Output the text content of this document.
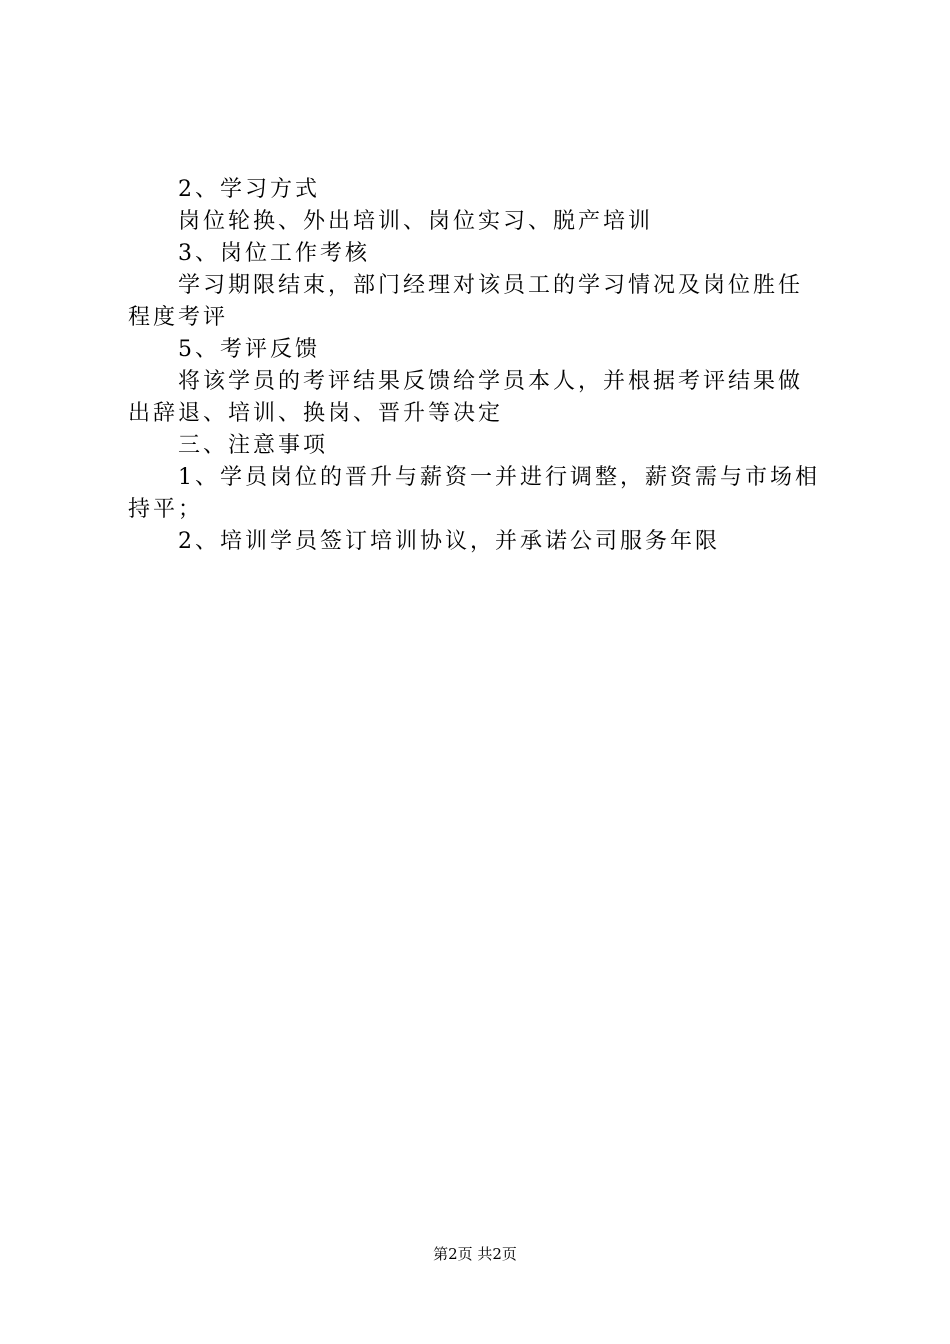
2、学习方式
岗位轮换、外出培训、岗位实习、脱产培训
3、岗位工作考核
学习期限结束，部门经理对该员工的学习情况及岗位胜任
程度考评
5、考评反馈
将该学员的考评结果反馈给学员本人，并根据考评结果做
出辞退、培训、换岗、晋升等决定
三、注意事项
1、学员岗位的晋升与薪资一并进行调整，薪资需与市场相
持平；
2、培训学员签订培训协议，并承诺公司服务年限
第2页 共2页
